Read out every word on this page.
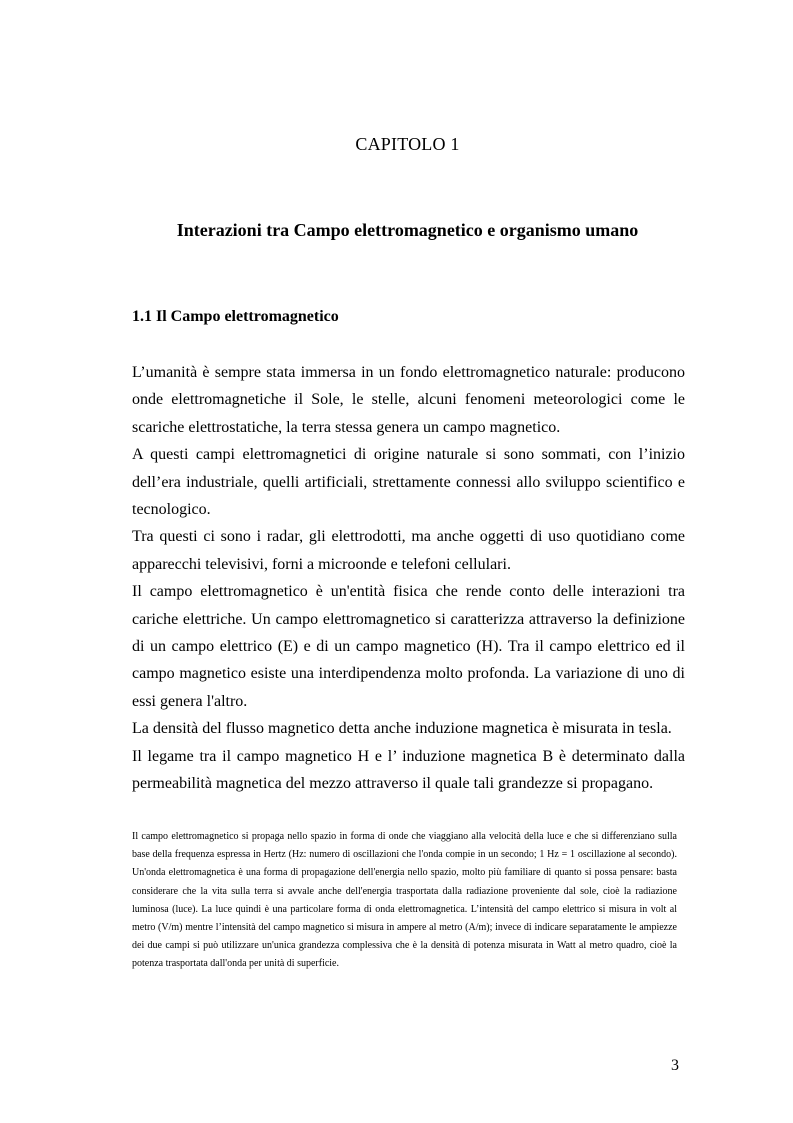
CAPITOLO 1
Interazioni tra Campo elettromagnetico e organismo umano
1.1 Il Campo elettromagnetico

L’umanità è sempre stata immersa in un fondo elettromagnetico naturale: producono onde elettromagnetiche il Sole, le stelle, alcuni fenomeni meteorologici come le scariche elettrostatiche, la terra stessa genera un campo magnetico.

A questi campi elettromagnetici di origine naturale si sono sommati, con l’inizio dell’era industriale, quelli artificiali, strettamente connessi allo sviluppo scientifico e tecnologico.

Tra questi ci sono i radar, gli elettrodotti, ma anche oggetti di uso quotidiano come apparecchi televisivi, forni a microonde e telefoni cellulari.

Il campo elettromagnetico è un'entità fisica che rende conto delle interazioni tra cariche elettriche. Un campo elettromagnetico si caratterizza attraverso la definizione di un campo elettrico (E) e di un campo magnetico (H). Tra il campo elettrico ed il campo magnetico esiste una interdipendenza molto profonda. La variazione di uno di essi genera l'altro.

La densità del flusso magnetico detta anche induzione magnetica è misurata in tesla.

Il legame tra il campo magnetico H e l’ induzione magnetica B è determinato dalla permeabilità magnetica del mezzo attraverso il quale tali grandezze si propagano.

Il campo elettromagnetico si propaga nello spazio in forma di onde che viaggiano alla velocità della luce e che si differenziano sulla base della frequenza espressa in Hertz (Hz: numero di oscillazioni che l'onda compie in un secondo; 1 Hz = 1 oscillazione al secondo). Un'onda elettromagnetica è una forma di propagazione dell'energia nello spazio, molto più familiare di quanto si possa pensare: basta considerare che la vita sulla terra si avvale anche dell'energia trasportata dalla radiazione proveniente dal sole, cioè la radiazione luminosa (luce). La luce quindi è una particolare forma di onda elettromagnetica. L’intensità del campo elettrico si misura in volt al metro (V/m) mentre l’intensità del campo magnetico si misura in ampere al metro (A/m); invece di indicare separatamente le ampiezze dei due campi si può utilizzare un'unica grandezza complessiva che è la densità di potenza misurata in Watt al metro quadro, cioè la potenza trasportata dall'onda per unità di superficie.

3
